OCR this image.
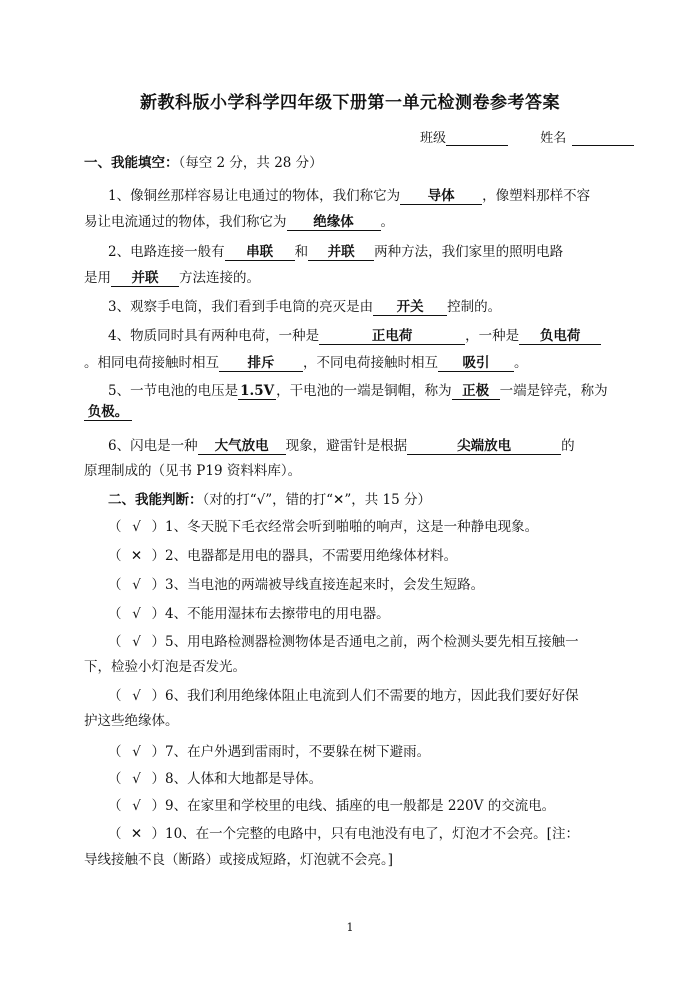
新教科版小学科学四年级下册第一单元检测卷参考答案
班级	姓名
一、我能填空：（每空 2 分，共 28 分）
1、像铜丝那样容易让电通过的物体，我们称它为 导体 ，像塑料那样不容
易让电流通过的物体，我们称它为 绝缘体 。
2、电路连接一般有 串联 和 并联 两种方法，我们家里的照明电路
是用 并联 方法连接的。
3、观察手电筒，我们看到手电筒的亮灭是由 开关 控制的。
4、物质同时具有两种电荷，一种是	正电荷	，一种是 负电荷
。相同电荷接触时相互 排斥 ，不同电荷接触时相互 吸引 。
5、一节电池的电压是 1.5V ，干电池的一端是铜帽，称为 正极 一端是锌壳，称为
负极。
6、闪电是一种 大气放电 现象，避雷针是根据	尖端放电	的
原理制成的（见书 P19 资料料库）。
二、我能判断：（对的打“√”，错的打“✕”，共 15 分）
（ √ ）1、冬天脱下毛衣经常会听到啪啪的响声，这是一种静电现象。
（ ✕ ）2、电器都是用电的器具，不需要用绝缘体材料。
（ √ ）3、当电池的两端被导线直接连起来时，会发生短路。
（ √ ）4、不能用湿抹布去擦带电的用电器。
（ √ ）5、用电路检测器检测物体是否通电之前，两个检测头要先相互接触一
下，检验小灯泡是否发光。
（ √ ）6、我们利用绝缘体阻止电流到人们不需要的地方，因此我们要好好保
护这些绝缘体。
（ √ ）7、在户外遇到雷雨时，不要躲在树下避雨。
（ √ ）8、人体和大地都是导体。
（ √ ）9、在家里和学校里的电线、插座的电一般都是 220V 的交流电。
（ ✕ ）10、在一个完整的电路中，只有电池没有电了，灯泡才不会亮。[注：
导线接触不良（断路）或接成短路，灯泡就不会亮。]
1
